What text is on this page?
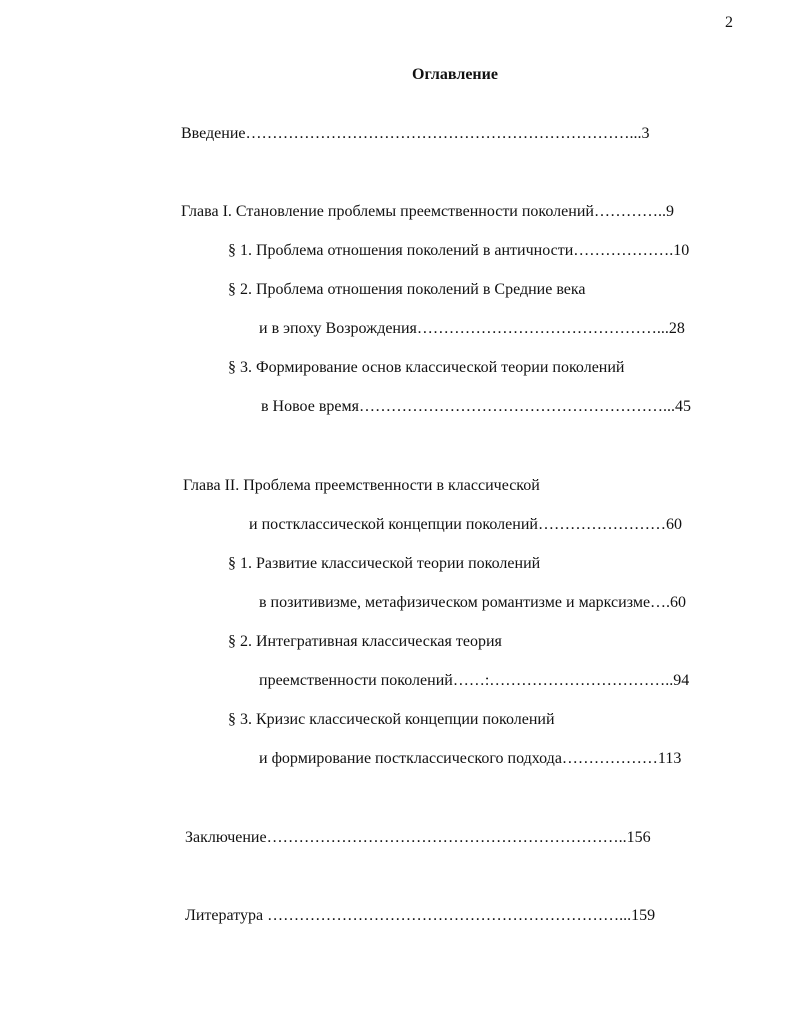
2
Оглавление
Введение………………………………………………………………...3
Глава I. Становление проблемы преемственности поколений…………..9
§ 1. Проблема отношения поколений в античности……………….10
§ 2. Проблема отношения поколений в Средние века
и в эпоху Возрождения………………………………………...28
§ 3. Формирование основ классической теории поколений
в Новое время…………………………………………………...45
Глава II. Проблема преемственности в классической
и постклассической концепции поколений……………………60
§ 1. Развитие классической теории поколений
в позитивизме, метафизическом романтизме и марксизме….60
§ 2. Интегративная классическая теория
преемственности поколений……:……………………………..94
§ 3. Кризис классической концепции поколений
и формирование постклассического подхода………………113
Заключение…………………………………………………………..156
Литература …………………………………………………………...159
